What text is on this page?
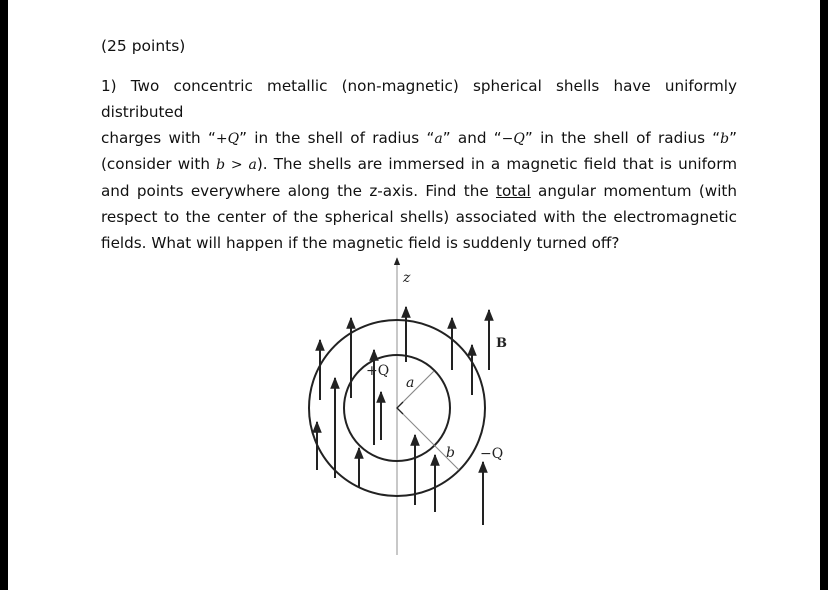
(25 points)
1) Two concentric metallic (non-magnetic) spherical shells have uniformly distributed
charges with “+Q” in the shell of radius “a” and “−Q” in the shell of radius “b”
(consider with b > a). The shells are immersed in a magnetic field that is uniform
and points everywhere along the z-axis. Find the total angular momentum (with
respect to the center of the spherical shells) associated with the electromagnetic
fields. What will happen if the magnetic field is suddenly turned off?
z
a
b
+Q
−Q
B
